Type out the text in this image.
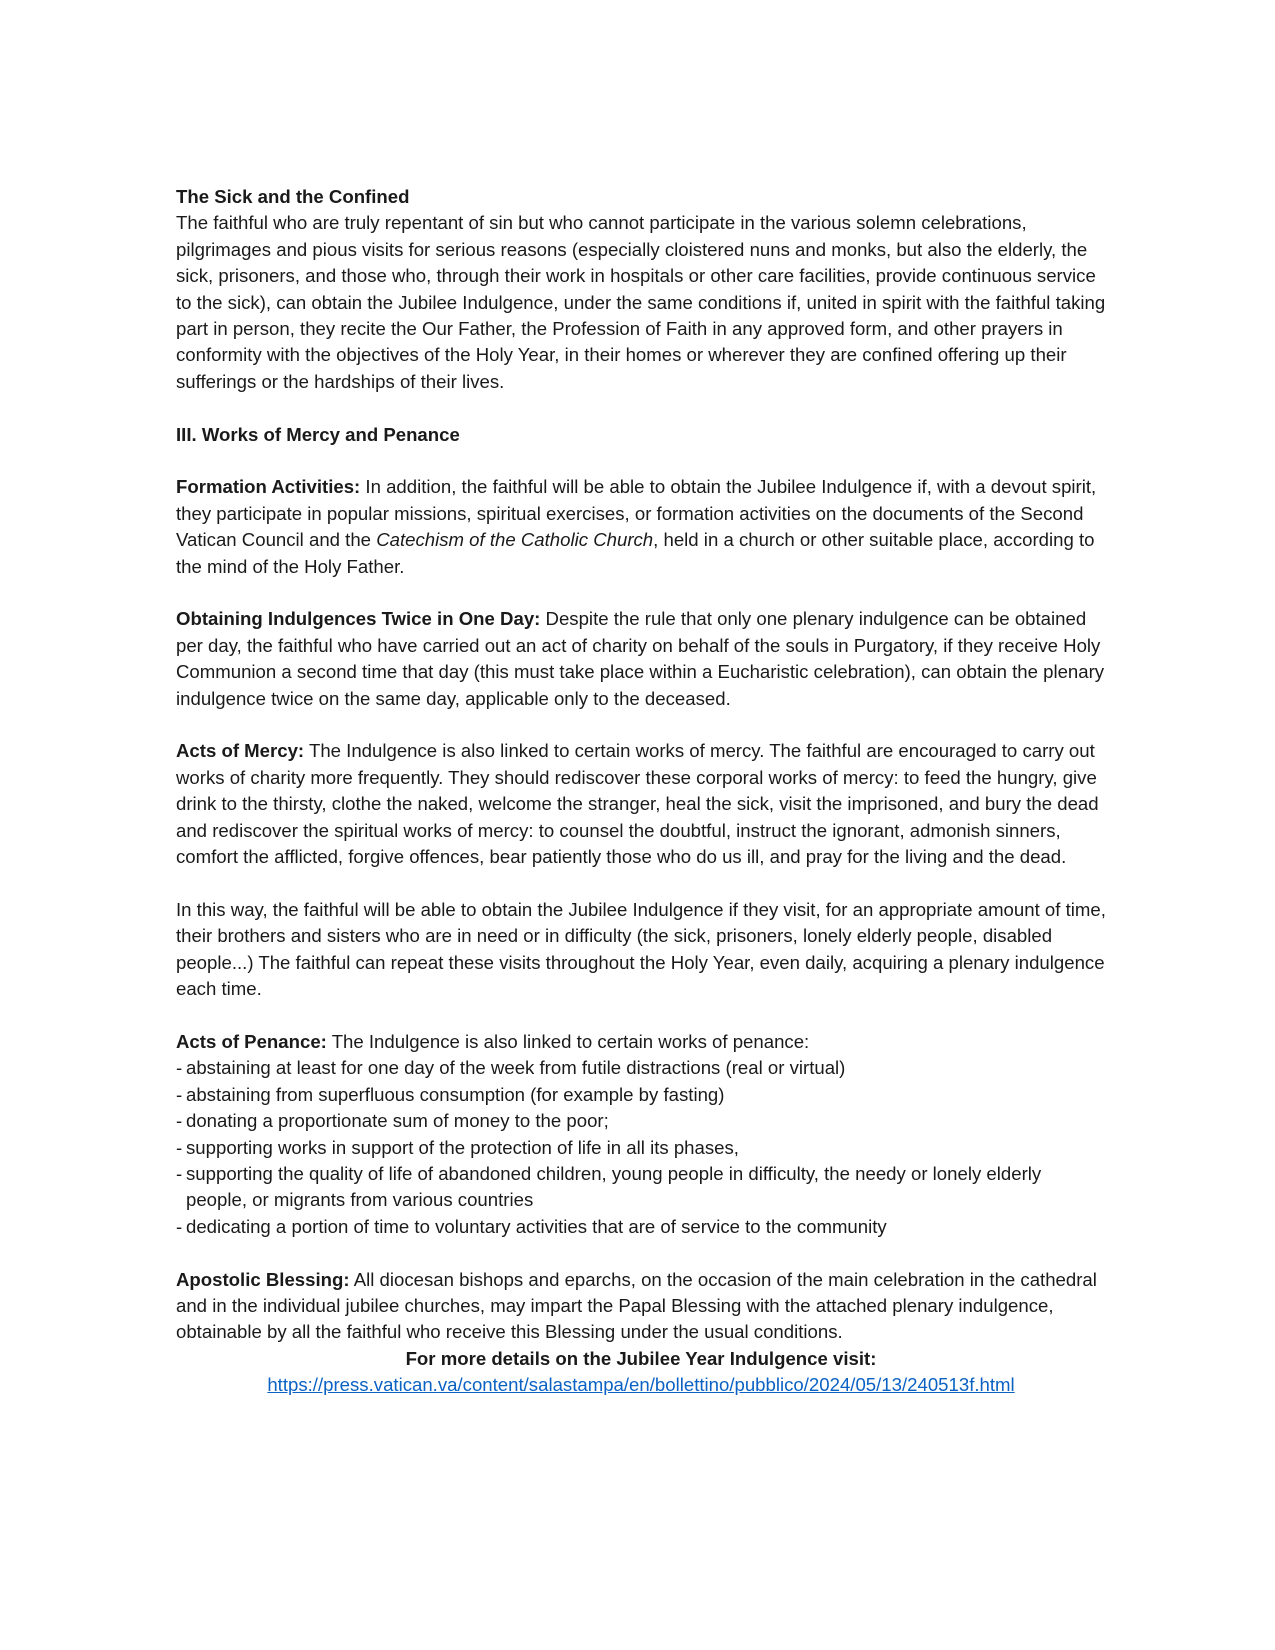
The Sick and the Confined

The faithful who are truly repentant of sin but who cannot participate in the various solemn celebrations, pilgrimages and pious visits for serious reasons (especially cloistered nuns and monks, but also the elderly, the sick, prisoners, and those who, through their work in hospitals or other care facilities, provide continuous service to the sick), can obtain the Jubilee Indulgence, under the same conditions if, united in spirit with the faithful taking part in person, they recite the Our Father, the Profession of Faith in any approved form, and other prayers in conformity with the objectives of the Holy Year, in their homes or wherever they are confined offering up their sufferings or the hardships of their lives.

III. Works of Mercy and Penance

Formation Activities: In addition, the faithful will be able to obtain the Jubilee Indulgence if, with a devout spirit, they participate in popular missions, spiritual exercises, or formation activities on the documents of the Second Vatican Council and the Catechism of the Catholic Church, held in a church or other suitable place, according to the mind of the Holy Father.

Obtaining Indulgences Twice in One Day: Despite the rule that only one plenary indulgence can be obtained per day, the faithful who have carried out an act of charity on behalf of the souls in Purgatory, if they receive Holy Communion a second time that day (this must take place within a Eucharistic celebration), can obtain the plenary indulgence twice on the same day, applicable only to the deceased.

Acts of Mercy: The Indulgence is also linked to certain works of mercy. The faithful are encouraged to carry out works of charity more frequently. They should rediscover these corporal works of mercy: to feed the hungry, give drink to the thirsty, clothe the naked, welcome the stranger, heal the sick, visit the imprisoned, and bury the dead and rediscover the spiritual works of mercy: to counsel the doubtful, instruct the ignorant, admonish sinners, comfort the afflicted, forgive offences, bear patiently those who do us ill, and pray for the living and the dead.

In this way, the faithful will be able to obtain the Jubilee Indulgence if they visit, for an appropriate amount of time, their brothers and sisters who are in need or in difficulty (the sick, prisoners, lonely elderly people, disabled people...) The faithful can repeat these visits throughout the Holy Year, even daily, acquiring a plenary indulgence each time.

Acts of Penance: The Indulgence is also linked to certain works of penance:

- abstaining at least for one day of the week from futile distractions (real or virtual)
- abstaining from superfluous consumption (for example by fasting)
- donating a proportionate sum of money to the poor;
- supporting works in support of the protection of life in all its phases,
- supporting the quality of life of abandoned children, young people in difficulty, the needy or lonely elderly people, or migrants from various countries
- dedicating a portion of time to voluntary activities that are of service to the community

Apostolic Blessing: All diocesan bishops and eparchs, on the occasion of the main celebration in the cathedral and in the individual jubilee churches, may impart the Papal Blessing with the attached plenary indulgence, obtainable by all the faithful who receive this Blessing under the usual conditions.

For more details on the Jubilee Year Indulgence visit:

https://press.vatican.va/content/salastampa/en/bollettino/pubblico/2024/05/13/240513f.html
